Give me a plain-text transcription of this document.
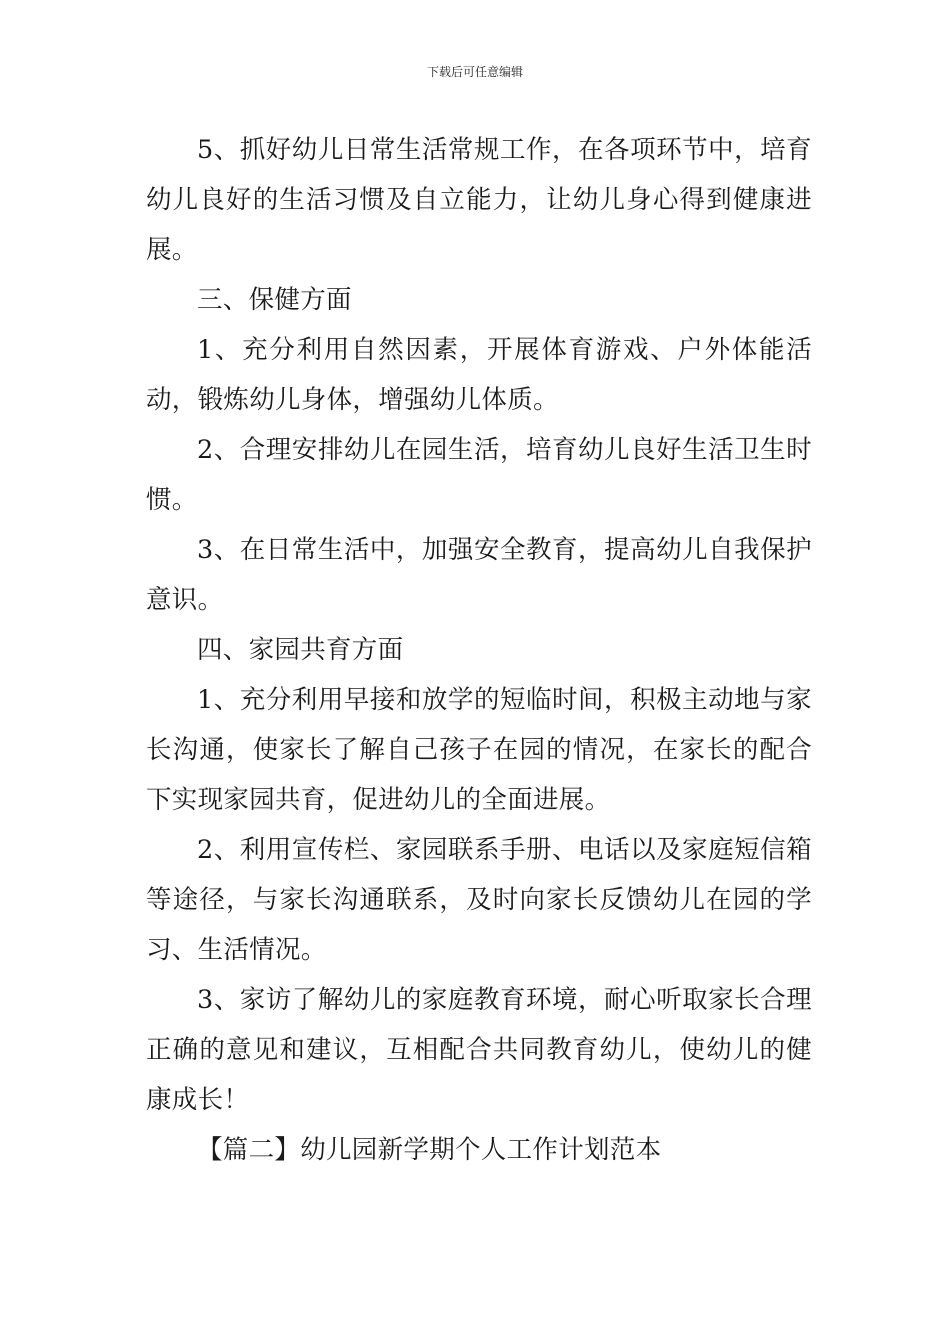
下载后可任意编辑

5、抓好幼儿日常生活常规工作，在各项环节中，培育幼儿良好的生活习惯及自立能力，让幼儿身心得到健康进展。

三、保健方面

1、充分利用自然因素，开展体育游戏、户外体能活动，锻炼幼儿身体，增强幼儿体质。

2、合理安排幼儿在园生活，培育幼儿良好生活卫生时惯。

3、在日常生活中，加强安全教育，提高幼儿自我保护意识。

四、家园共育方面

1、充分利用早接和放学的短临时间，积极主动地与家长沟通，使家长了解自己孩子在园的情况，在家长的配合下实现家园共育，促进幼儿的全面进展。

2、利用宣传栏、家园联系手册、电话以及家庭短信箱等途径，与家长沟通联系，及时向家长反馈幼儿在园的学习、生活情况。

3、家访了解幼儿的家庭教育环境，耐心听取家长合理正确的意见和建议，互相配合共同教育幼儿，使幼儿的健康成长！

【篇二】幼儿园新学期个人工作计划范本
